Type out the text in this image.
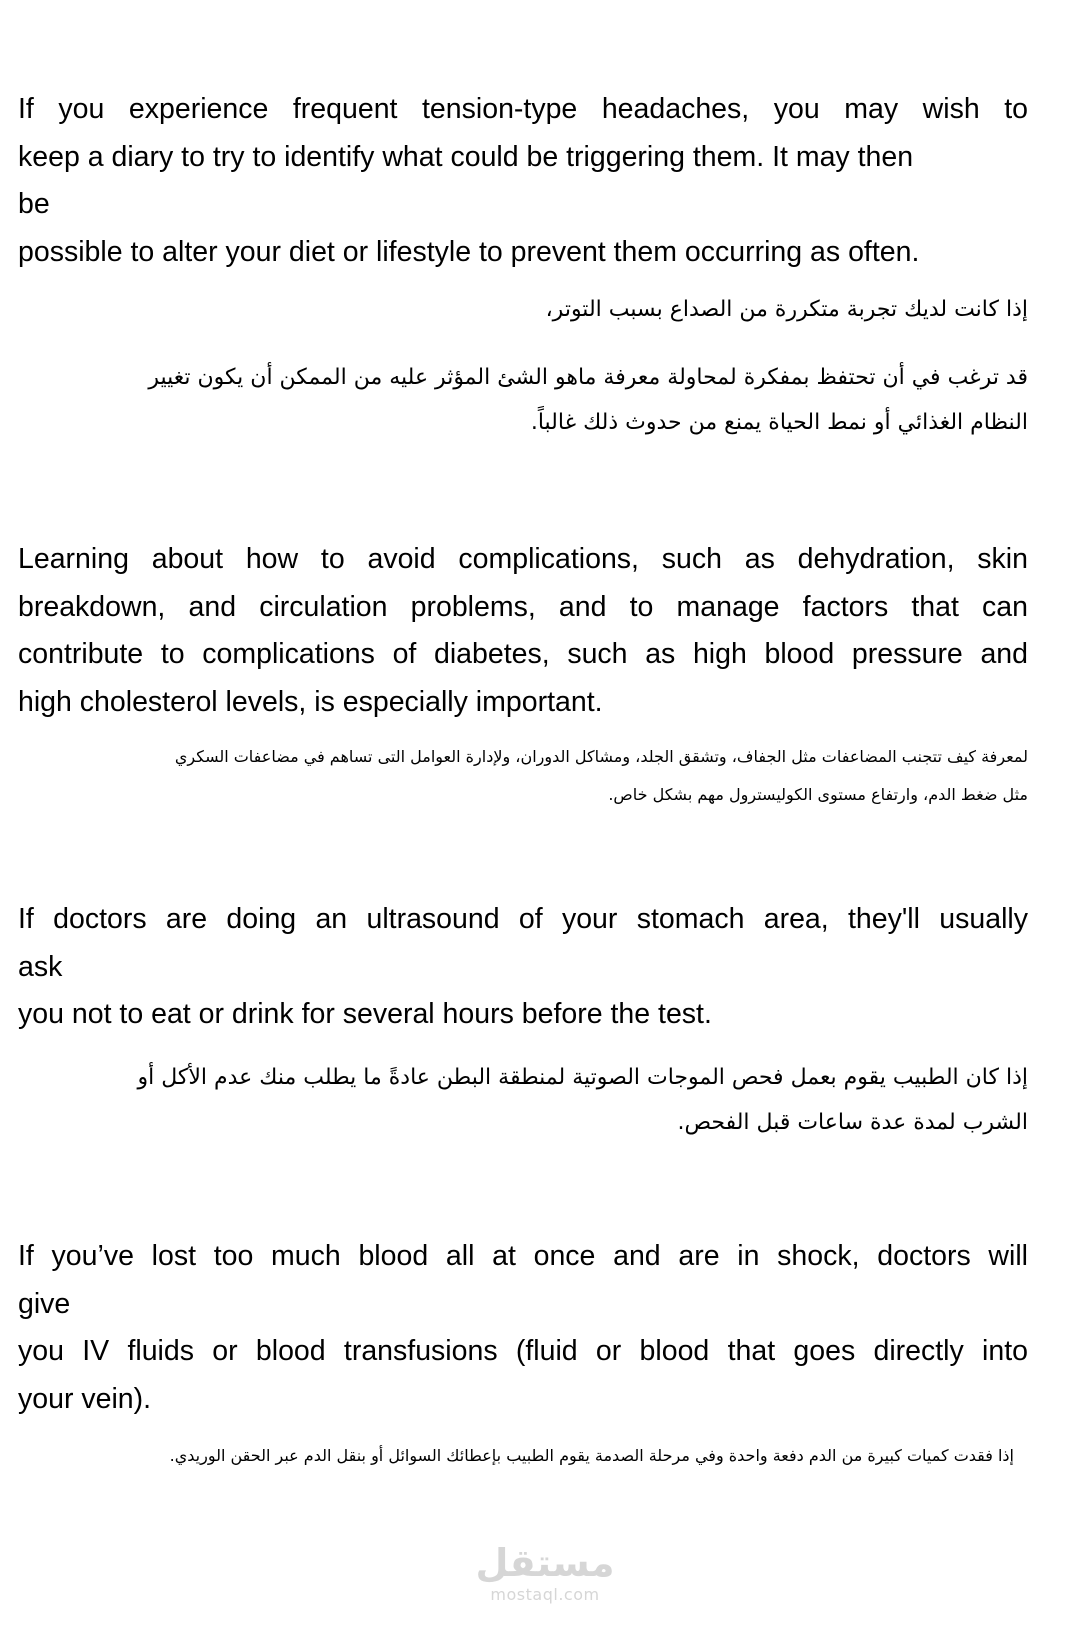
If you experience frequent tension-type headaches, you may wish to
keep a diary to try to identify what could be triggering them. It may then
be
possible to alter your diet or lifestyle to prevent them occurring as often.
إذا كانت لديك تجربة متكررة من الصداع بسبب التوتر،
قد ترغب في أن تحتفظ بمفكرة لمحاولة معرفة ماهو الشئ المؤثر عليه من الممكن أن يكون تغيير
النظام الغذائي أو نمط الحياة يمنع من حدوث ذلك غالباً.
Learning about how to avoid complications, such as dehydration, skin
breakdown, and circulation problems, and to manage factors that can
contribute to complications of diabetes, such as high blood pressure and
high cholesterol levels, is especially important.
لمعرفة كيف تتجنب المضاعفات مثل الجفاف، وتشقق الجلد، ومشاكل الدوران، ولإدارة العوامل التى تساهم في مضاعفات السكري
مثل ضغط الدم، وارتفاع مستوى الكوليسترول مهم بشكل خاص.
If doctors are doing an ultrasound of your stomach area, they'll usually
ask
you not to eat or drink for several hours before the test.
إذا كان الطبيب يقوم بعمل فحص الموجات الصوتية لمنطقة البطن عادةً ما يطلب منك عدم الأكل أو
الشرب لمدة عدة ساعات قبل الفحص.
If you’ve lost too much blood all at once and are in shock, doctors will
give
you IV fluids or blood transfusions (fluid or blood that goes directly into
your vein).
إذا فقدت كميات كبيرة من الدم دفعة واحدة وفي مرحلة الصدمة يقوم الطبيب بإعطائك السوائل أو بنقل الدم عبر الحقن الوريدي.
مستقل
mostaql.com
